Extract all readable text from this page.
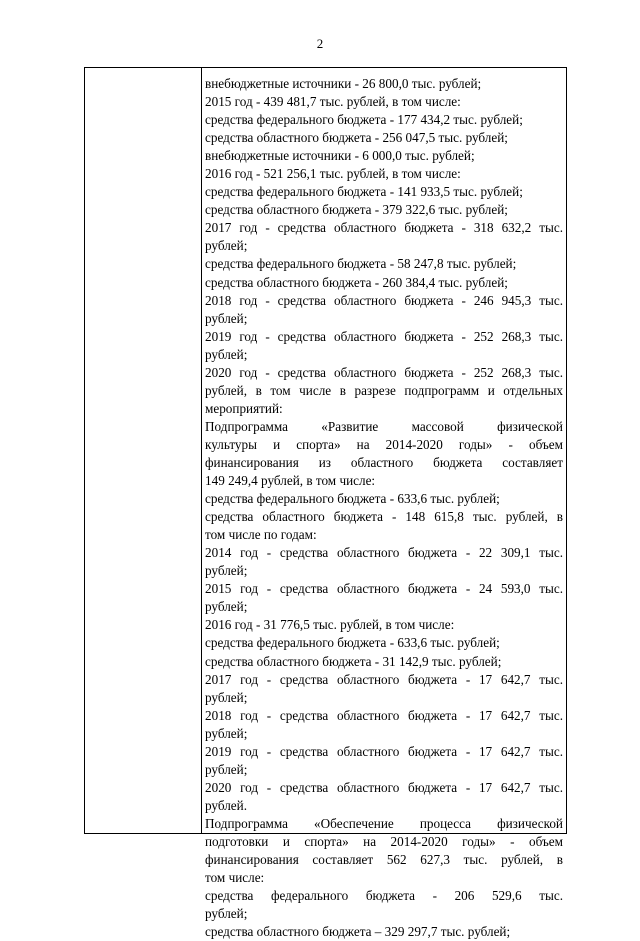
2
внебюджетные источники - 26 800,0 тыс. рублей;
2015 год - 439 481,7 тыс. рублей, в том числе:
средства федерального бюджета - 177 434,2 тыс. рублей;
средства областного бюджета - 256 047,5 тыс. рублей;
внебюджетные источники - 6 000,0 тыс. рублей;
2016 год - 521 256,1 тыс. рублей, в том числе:
средства федерального бюджета - 141 933,5 тыс. рублей;
средства областного бюджета - 379 322,6 тыс. рублей;
2017 год - средства областного бюджета - 318 632,2 тыс.
рублей;
средства федерального бюджета - 58 247,8 тыс. рублей;
средства областного бюджета - 260 384,4 тыс. рублей;
2018 год - средства областного бюджета - 246 945,3 тыс.
рублей;
2019 год - средства областного бюджета - 252 268,3 тыс.
рублей;
2020 год - средства областного бюджета - 252 268,3 тыс.
рублей, в том числе в разрезе подпрограмм и отдельных
мероприятий:
Подпрограмма «Развитие массовой физической
культуры и спорта» на 2014-2020 годы» - объем
финансирования из областного бюджета составляет
149 249,4 рублей, в том числе:
средства федерального бюджета - 633,6 тыс. рублей;
средства областного бюджета - 148 615,8 тыс. рублей, в
том числе по годам:
2014 год - средства областного бюджета - 22 309,1 тыс.
рублей;
2015 год - средства областного бюджета - 24 593,0 тыс.
рублей;
2016 год - 31 776,5 тыс. рублей, в том числе:
средства федерального бюджета - 633,6 тыс. рублей;
средства областного бюджета - 31 142,9 тыс. рублей;
2017 год - средства областного бюджета - 17 642,7 тыс.
рублей;
2018 год - средства областного бюджета - 17 642,7 тыс.
рублей;
2019 год - средства областного бюджета - 17 642,7 тыс.
рублей;
2020 год - средства областного бюджета - 17 642,7 тыс.
рублей.
Подпрограмма «Обеспечение процесса физической
подготовки и спорта» на 2014-2020 годы» - объем
финансирования составляет 562 627,3 тыс. рублей, в
том числе:
средства федерального бюджета - 206 529,6 тыс.
рублей;
средства областного бюджета – 329 297,7 тыс. рублей;
